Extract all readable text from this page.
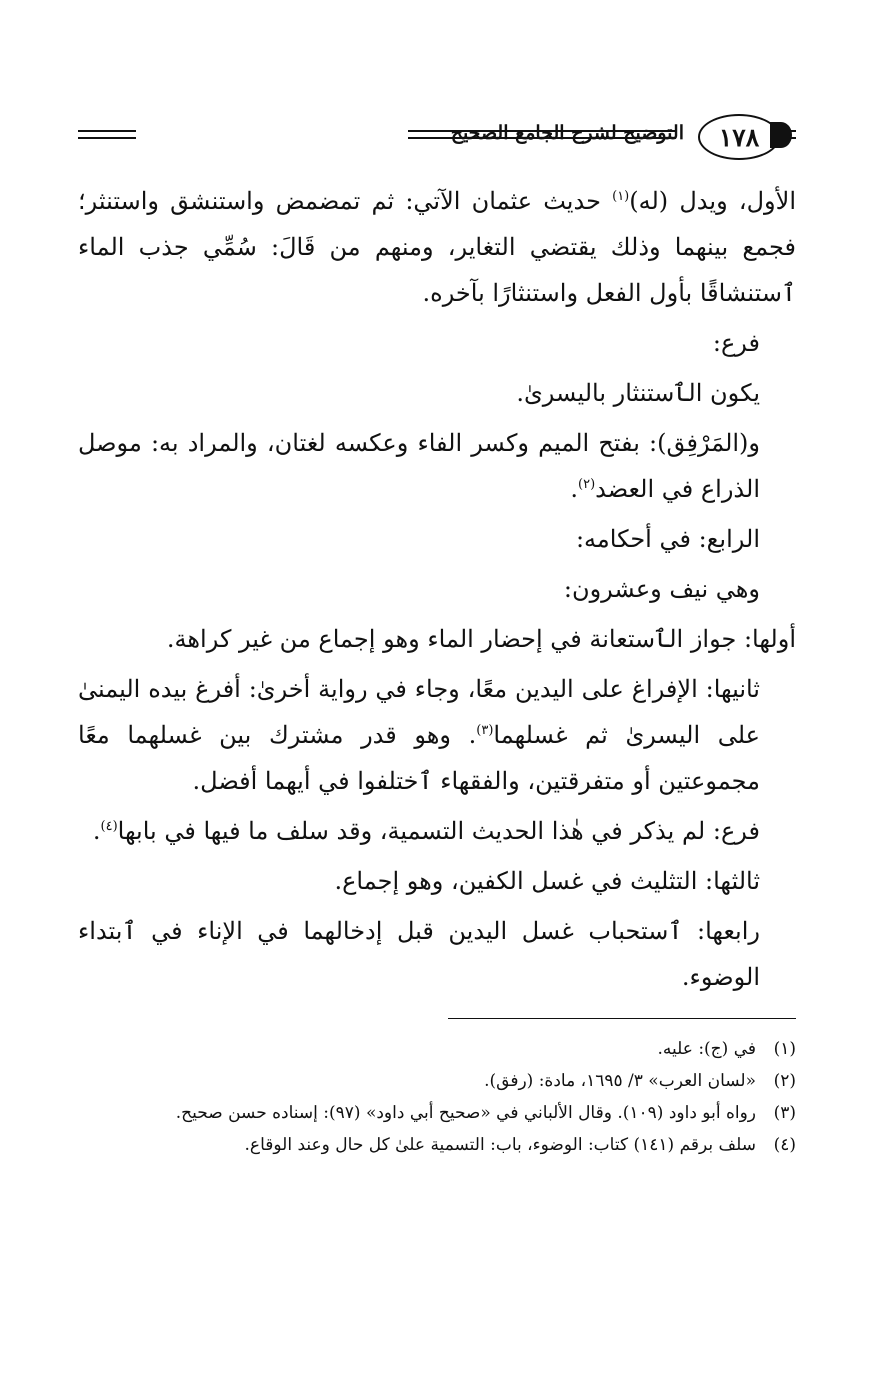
١٧٨
التوضيح لشرح الجامع الصحيح

الأول، ويدل (له)$^{(١)}$ حديث عثمان الآتي: ثم تمضمض واستنشق واستنثر؛ فجمع بينهما وذلك يقتضي التغاير، ومنهم من قَالَ: سُمِّي جذب الماء ٱستنشاقًا بأول الفعل واستنثارًا بآخره.

فرع:

يكون الٱستنثار باليسرىٰ.

و(المَرْفِق): بفتح الميم وكسر الفاء وعكسه لغتان، والمراد به: موصل الذراع في العضد$^{(٢)}$.

الرابع: في أحكامه:

وهي نيف وعشرون:

أولها: جواز الٱستعانة في إحضار الماء وهو إجماع من غير كراهة.

ثانيها: الإفراغ على اليدين معًا، وجاء في رواية أخرىٰ: أفرغ بيده اليمنىٰ على اليسرىٰ ثم غسلهما$^{(٣)}$. وهو قدر مشترك بين غسلهما معًا مجموعتين أو متفرقتين، والفقهاء ٱختلفوا في أيهما أفضل.

فرع: لم يذكر في هٰذا الحديث التسمية، وقد سلف ما فيها في بابها$^{(٤)}$.

ثالثها: التثليث في غسل الكفين، وهو إجماع.

رابعها: ٱستحباب غسل اليدين قبل إدخالهما في الإناء في ٱبتداء الوضوء.

(١)
في (ج): عليه.
(٢)
«لسان العرب» ٣/ ١٦٩٥، مادة: (رفق).
(٣)
رواه أبو داود (١٠٩). وقال الألباني في «صحيح أبي داود» (٩٧): إسناده حسن صحيح.
(٤)
سلف برقم (١٤١) كتاب: الوضوء، باب: التسمية علىٰ كل حال وعند الوقاع.
